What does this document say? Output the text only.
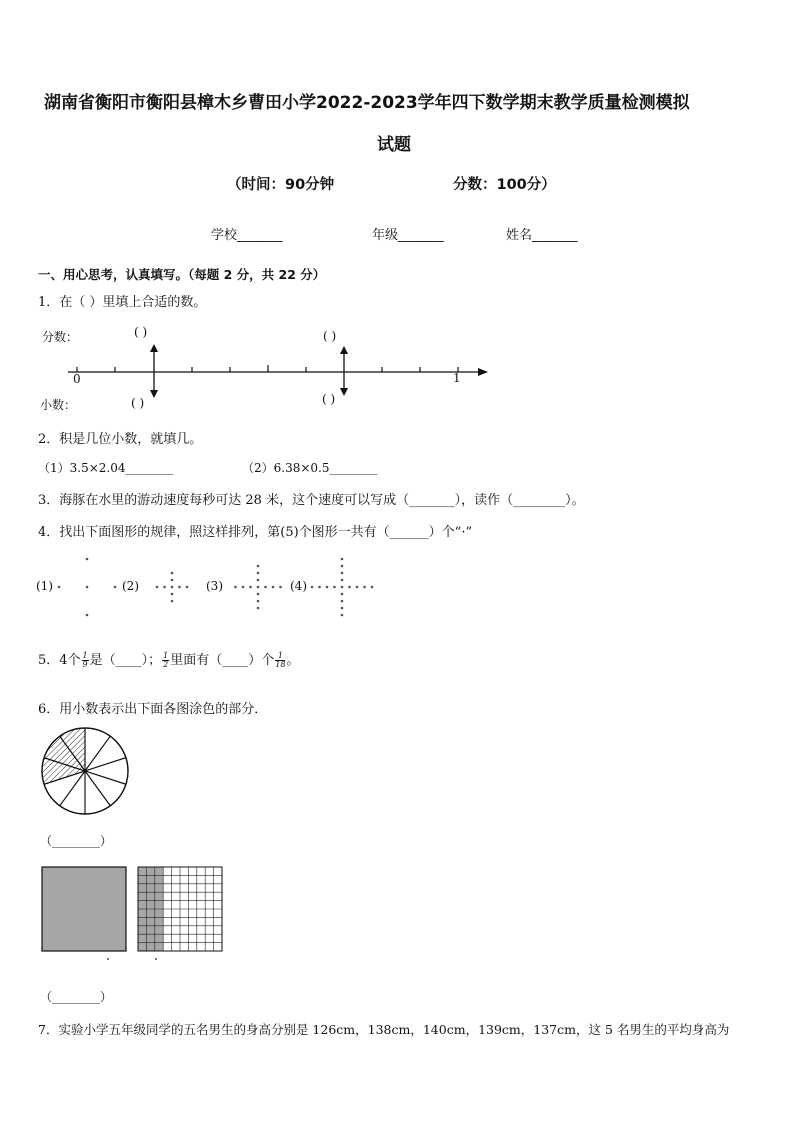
湖南省衡阳市衡阳县樟木乡曹田小学2022-2023学年四下数学期末教学质量检测模拟
试题
（时间：90分钟	分数：100分）
学校_______	年级_______	姓名_______
一、用心思考，认真填写。（每题 2 分，共 22 分）
1．在（ ）里填上合适的数。
分数：
小数：
( )	( )
( )	( )
0	1
2．积是几位小数，就填几。
（1）3.5×2.04________	（2）6.38×0.5________
3．海豚在水里的游动速度每秒可达 28 米，这个速度可以写成（_______），读作（________）。
4．找出下面图形的规律，照这样排列，第(5)个图形一共有（______）个“·”
(1)	(2)	(3)	(4)
5．4个 $\frac{1}{9}$ 是（____）； $\frac{1}{2}$ 里面有（____）个 $\frac{1}{18}$ 。
6．用小数表示出下面各图涂色的部分．
（________）
（________）
7．实验小学五年级同学的五名男生的身高分别是 126cm，138cm，140cm，139cm，137cm，这 5 名男生的平均身高为
